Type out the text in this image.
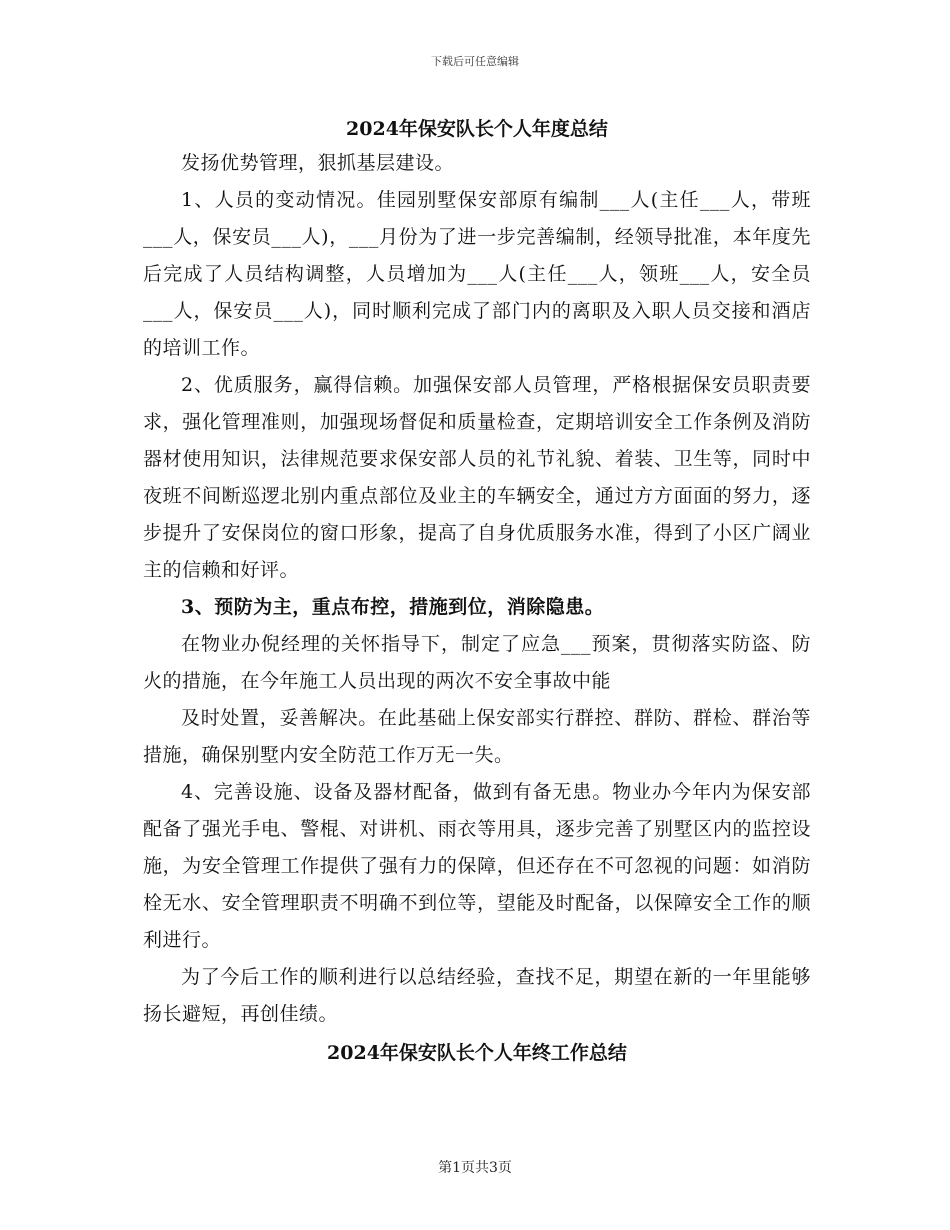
下载后可任意编辑
2024年保安队长个人年度总结

发扬优势管理，狠抓基层建设。

1、人员的变动情况。佳园别墅保安部原有编制___人(主任___人，带班___人，保安员___人)，___月份为了进一步完善编制，经领导批准，本年度先后完成了人员结构调整，人员增加为___人(主任___人，领班___人，安全员___人，保安员___人)，同时顺利完成了部门内的离职及入职人员交接和酒店的培训工作。

2、优质服务，赢得信赖。加强保安部人员管理，严格根据保安员职责要求，强化管理准则，加强现场督促和质量检查，定期培训安全工作条例及消防器材使用知识，法律规范要求保安部人员的礼节礼貌、着装、卫生等，同时中夜班不间断巡逻北别内重点部位及业主的车辆安全，通过方方面面的努力，逐步提升了安保岗位的窗口形象，提高了自身优质服务水准，得到了小区广阔业主的信赖和好评。

3、预防为主，重点布控，措施到位，消除隐患。

在物业办倪经理的关怀指导下，制定了应急___预案，贯彻落实防盗、防火的措施，在今年施工人员出现的两次不安全事故中能

及时处置，妥善解决。在此基础上保安部实行群控、群防、群检、群治等措施，确保别墅内安全防范工作万无一失。

4、完善设施、设备及器材配备，做到有备无患。物业办今年内为保安部配备了强光手电、警棍、对讲机、雨衣等用具，逐步完善了别墅区内的监控设施，为安全管理工作提供了强有力的保障，但还存在不可忽视的问题：如消防栓无水、安全管理职责不明确不到位等，望能及时配备，以保障安全工作的顺利进行。

为了今后工作的顺利进行以总结经验，查找不足，期望在新的一年里能够扬长避短，再创佳绩。

2024年保安队长个人年终工作总结
第1页共3页
